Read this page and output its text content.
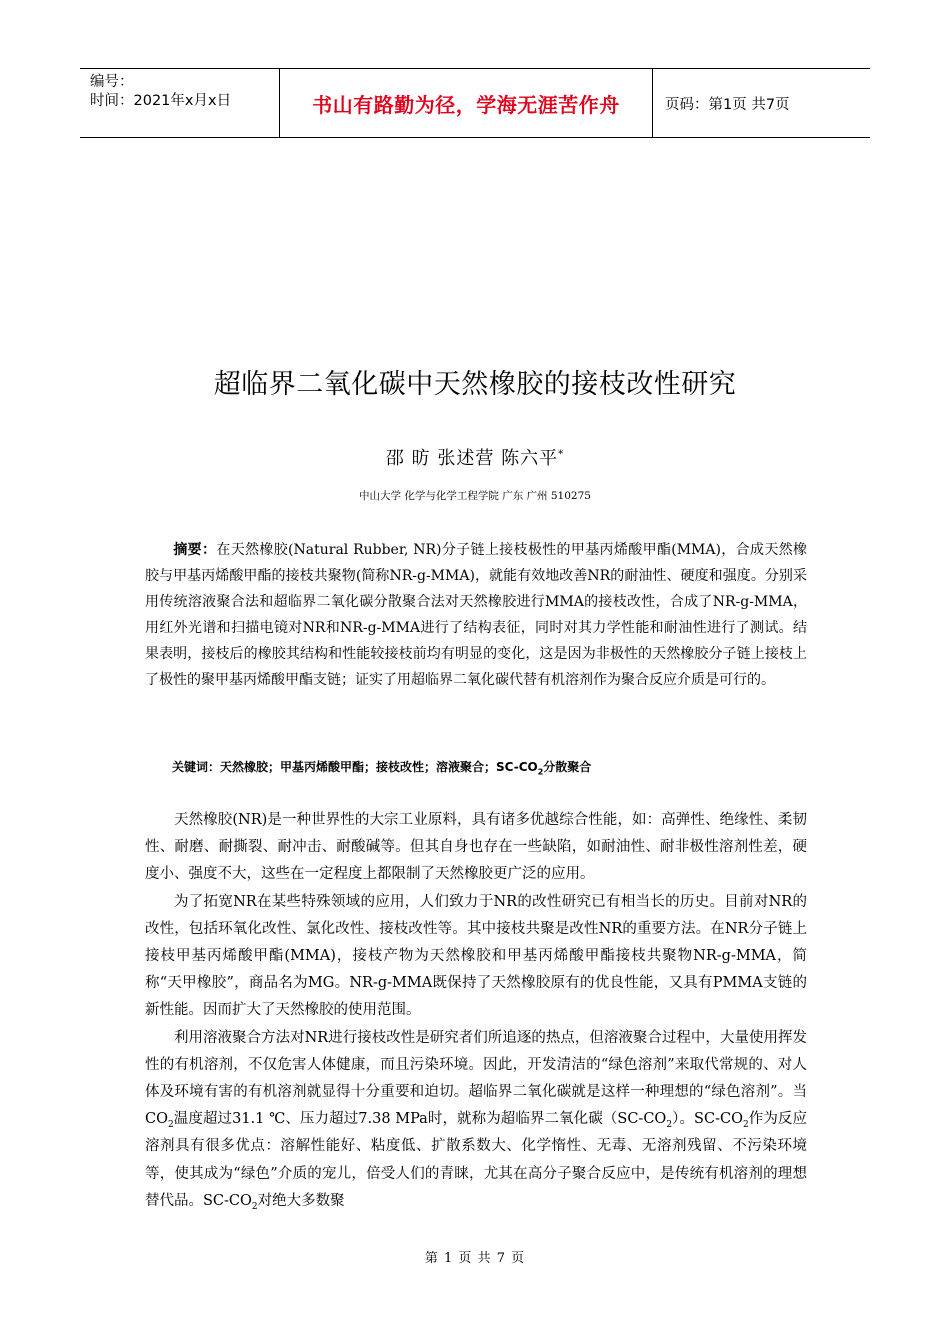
编号：
时间：2021年x月x日	书山有路勤为径，学海无涯苦作舟	页码：第1页 共7页
超临界二氧化碳中天然橡胶的接枝改性研究
邵 昉 张述营 陈六平*
中山大学 化学与化学工程学院 广东 广州 510275
摘要：在天然橡胶(Natural Rubber, NR)分子链上接枝极性的甲基丙烯酸甲酯(MMA)，合成天然橡胶与甲基丙烯酸甲酯的接枝共聚物(简称NR-g-MMA)，就能有效地改善NR的耐油性、硬度和强度。分别采用传统溶液聚合法和超临界二氧化碳分散聚合法对天然橡胶进行MMA的接枝改性，合成了NR-g-MMA，用红外光谱和扫描电镜对NR和NR-g-MMA进行了结构表征，同时对其力学性能和耐油性进行了测试。结果表明，接枝后的橡胶其结构和性能较接枝前均有明显的变化，这是因为非极性的天然橡胶分子链上接枝上了极性的聚甲基丙烯酸甲酯支链；证实了用超临界二氧化碳代替有机溶剂作为聚合反应介质是可行的。
关键词：天然橡胶；甲基丙烯酸甲酯；接枝改性；溶液聚合；$SC-CO_2$分散聚合

天然橡胶(NR)是一种世界性的大宗工业原料，具有诸多优越综合性能，如：高弹性、绝缘性、柔韧性、耐磨、耐撕裂、耐冲击、耐酸碱等。但其自身也存在一些缺陷，如耐油性、耐非极性溶剂性差，硬度小、强度不大，这些在一定程度上都限制了天然橡胶更广泛的应用。

为了拓宽NR在某些特殊领域的应用，人们致力于NR的改性研究已有相当长的历史。目前对NR的改性，包括环氧化改性、氯化改性、接枝改性等。其中接枝共聚是改性NR的重要方法。在NR分子链上接枝甲基丙烯酸甲酯(MMA)，接枝产物为天然橡胶和甲基丙烯酸甲酯接枝共聚物NR-g-MMA，简称“天甲橡胶”，商品名为MG。NR-g-MMA既保持了天然橡胶原有的优良性能，又具有PMMA支链的新性能。因而扩大了天然橡胶的使用范围。

利用溶液聚合方法对NR进行接枝改性是研究者们所追逐的热点，但溶液聚合过程中，大量使用挥发性的有机溶剂，不仅危害人体健康，而且污染环境。因此，开发清洁的“绿色溶剂”来取代常规的、对人体及环境有害的有机溶剂就显得十分重要和迫切。超临界二氧化碳就是这样一种理想的“绿色溶剂”。当$CO_2$温度超过31.1 ℃、压力超过7.38 MPa时，就称为超临界二氧化碳$(SC-CO_2)$。$SC-CO_2$作为反应溶剂具有很多优点：溶解性能好、粘度低、扩散系数大、化学惰性、无毒、无溶剂残留、不污染环境等，使其成为“绿色”介质的宠儿，倍受人们的青睐，尤其在高分子聚合反应中，是传统有机溶剂的理想替代品。$SC-CO_2$对绝大多数聚

第 1 页 共 7 页
